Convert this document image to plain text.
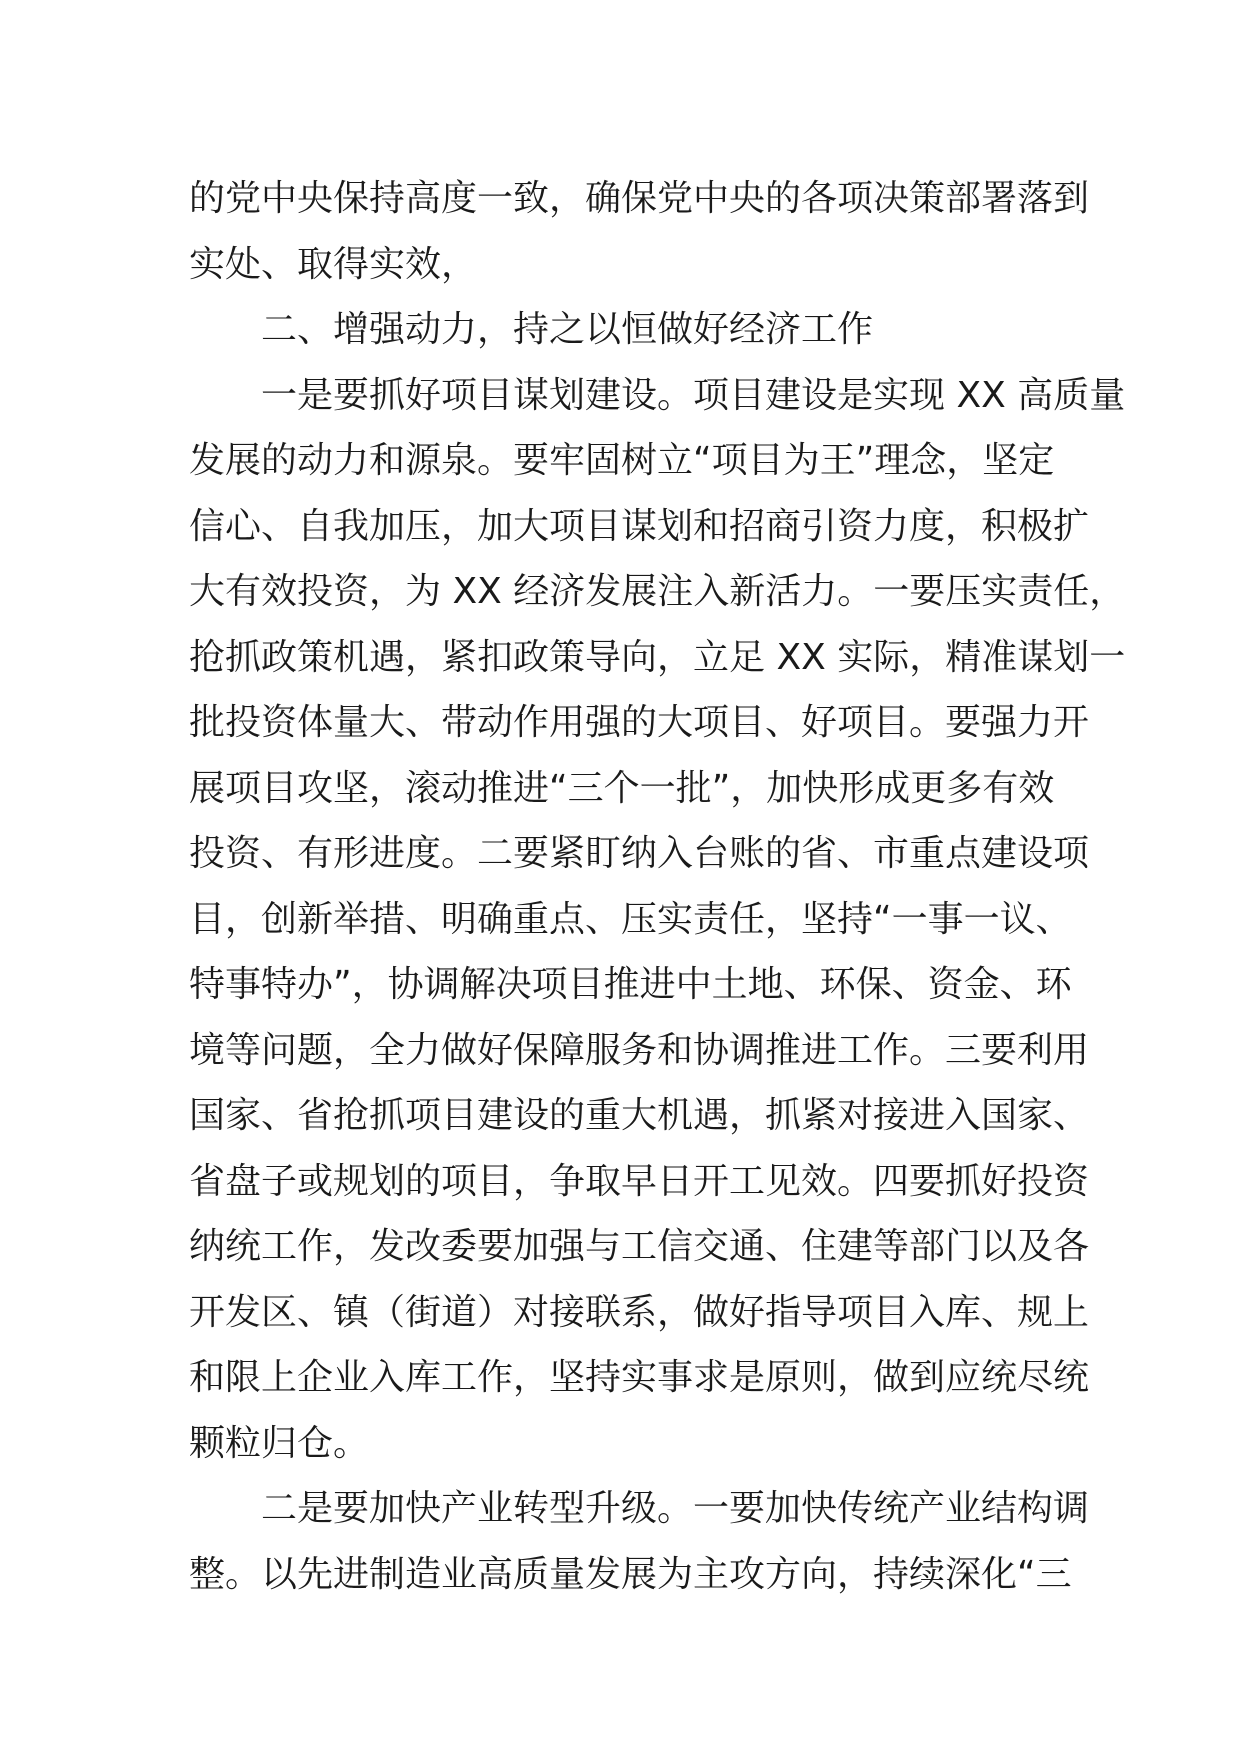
的党中央保持高度一致，确保党中央的各项决策部署落到
实处、取得实效，

二、增强动力，持之以恒做好经济工作

一是要抓好项目谋划建设。项目建设是实现 XX 高质量
发展的动力和源泉。要牢固树立“项目为王”理念，坚定
信心、自我加压，加大项目谋划和招商引资力度，积极扩
大有效投资，为 XX 经济发展注入新活力。一要压实责任，
抢抓政策机遇，紧扣政策导向，立足 XX 实际，精准谋划一
批投资体量大、带动作用强的大项目、好项目。要强力开
展项目攻坚，滚动推进“三个一批”，加快形成更多有效
投资、有形进度。二要紧盯纳入台账的省、市重点建设项
目，创新举措、明确重点、压实责任，坚持“一事一议、
特事特办”，协调解决项目推进中土地、环保、资金、环
境等问题，全力做好保障服务和协调推进工作。三要利用
国家、省抢抓项目建设的重大机遇，抓紧对接进入国家、
省盘子或规划的项目，争取早日开工见效。四要抓好投资
纳统工作，发改委要加强与工信交通、住建等部门以及各
开发区、镇（街道）对接联系，做好指导项目入库、规上
和限上企业入库工作，坚持实事求是原则，做到应统尽统
颗粒归仓。

二是要加快产业转型升级。一要加快传统产业结构调
整。以先进制造业高质量发展为主攻方向，持续深化“三
